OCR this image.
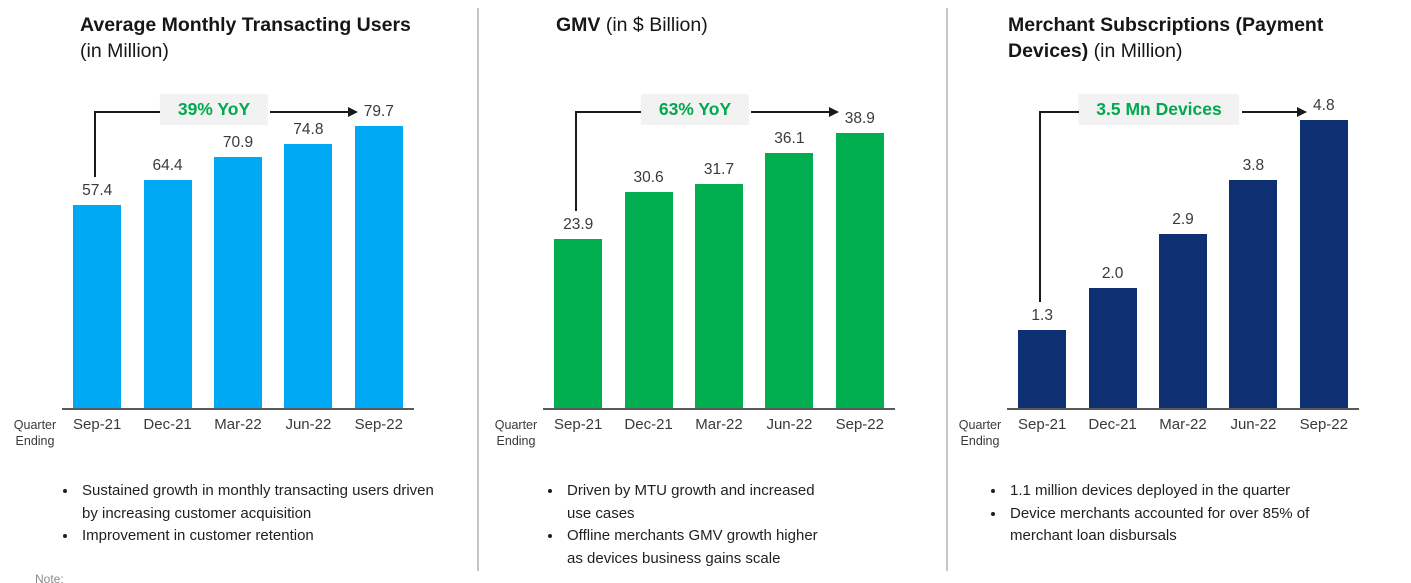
Average Monthly Transacting Users
(in Million)
57.4
Sep-21
64.4
Dec-21
70.9
Mar-22
74.8
Jun-22
79.7
Sep-22
39% YoY
Quarter Ending
• Sustained growth in monthly transacting users driven by increasing customer acquisition
• Improvement in customer retention
GMV (in $ Billion)
23.9
Sep-21
30.6
Dec-21
31.7
Mar-22
36.1
Jun-22
38.9
Sep-22
63% YoY
Quarter Ending
• Driven by MTU growth and increased use cases
• Offline merchants GMV growth higher as devices business gains scale
Merchant Subscriptions (Payment Devices) (in Million)
1.3
Sep-21
2.0
Dec-21
2.9
Mar-22
3.8
Jun-22
4.8
Sep-22
3.5 Mn Devices
Quarter Ending
• 1.1 million devices deployed in the quarter
• Device merchants accounted for over 85% of merchant loan disbursals
Note:
